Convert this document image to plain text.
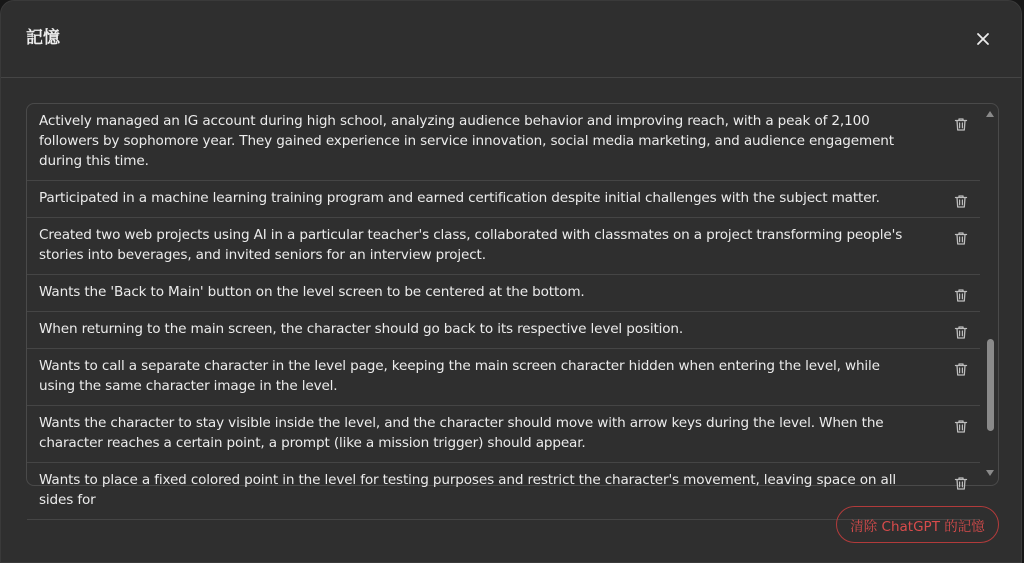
記憶
Actively managed an IG account during high school, analyzing audience behavior and improving reach, with a peak of 2,100 followers by sophomore year. They gained experience in service innovation, social media marketing, and audience engagement during this time.
Participated in a machine learning training program and earned certification despite initial challenges with the subject matter.
Created two web projects using AI in a particular teacher's class, collaborated with classmates on a project transforming people's stories into beverages, and invited seniors for an interview project.
Wants the 'Back to Main' button on the level screen to be centered at the bottom.
When returning to the main screen, the character should go back to its respective level position.
Wants to call a separate character in the level page, keeping the main screen character hidden when entering the level, while using the same character image in the level.
Wants the character to stay visible inside the level, and the character should move with arrow keys during the level. When the character reaches a certain point, a prompt (like a mission trigger) should appear.
Wants to place a fixed colored point in the level for testing purposes and restrict the character's movement, leaving space on all sides for
清除 ChatGPT 的記憶
